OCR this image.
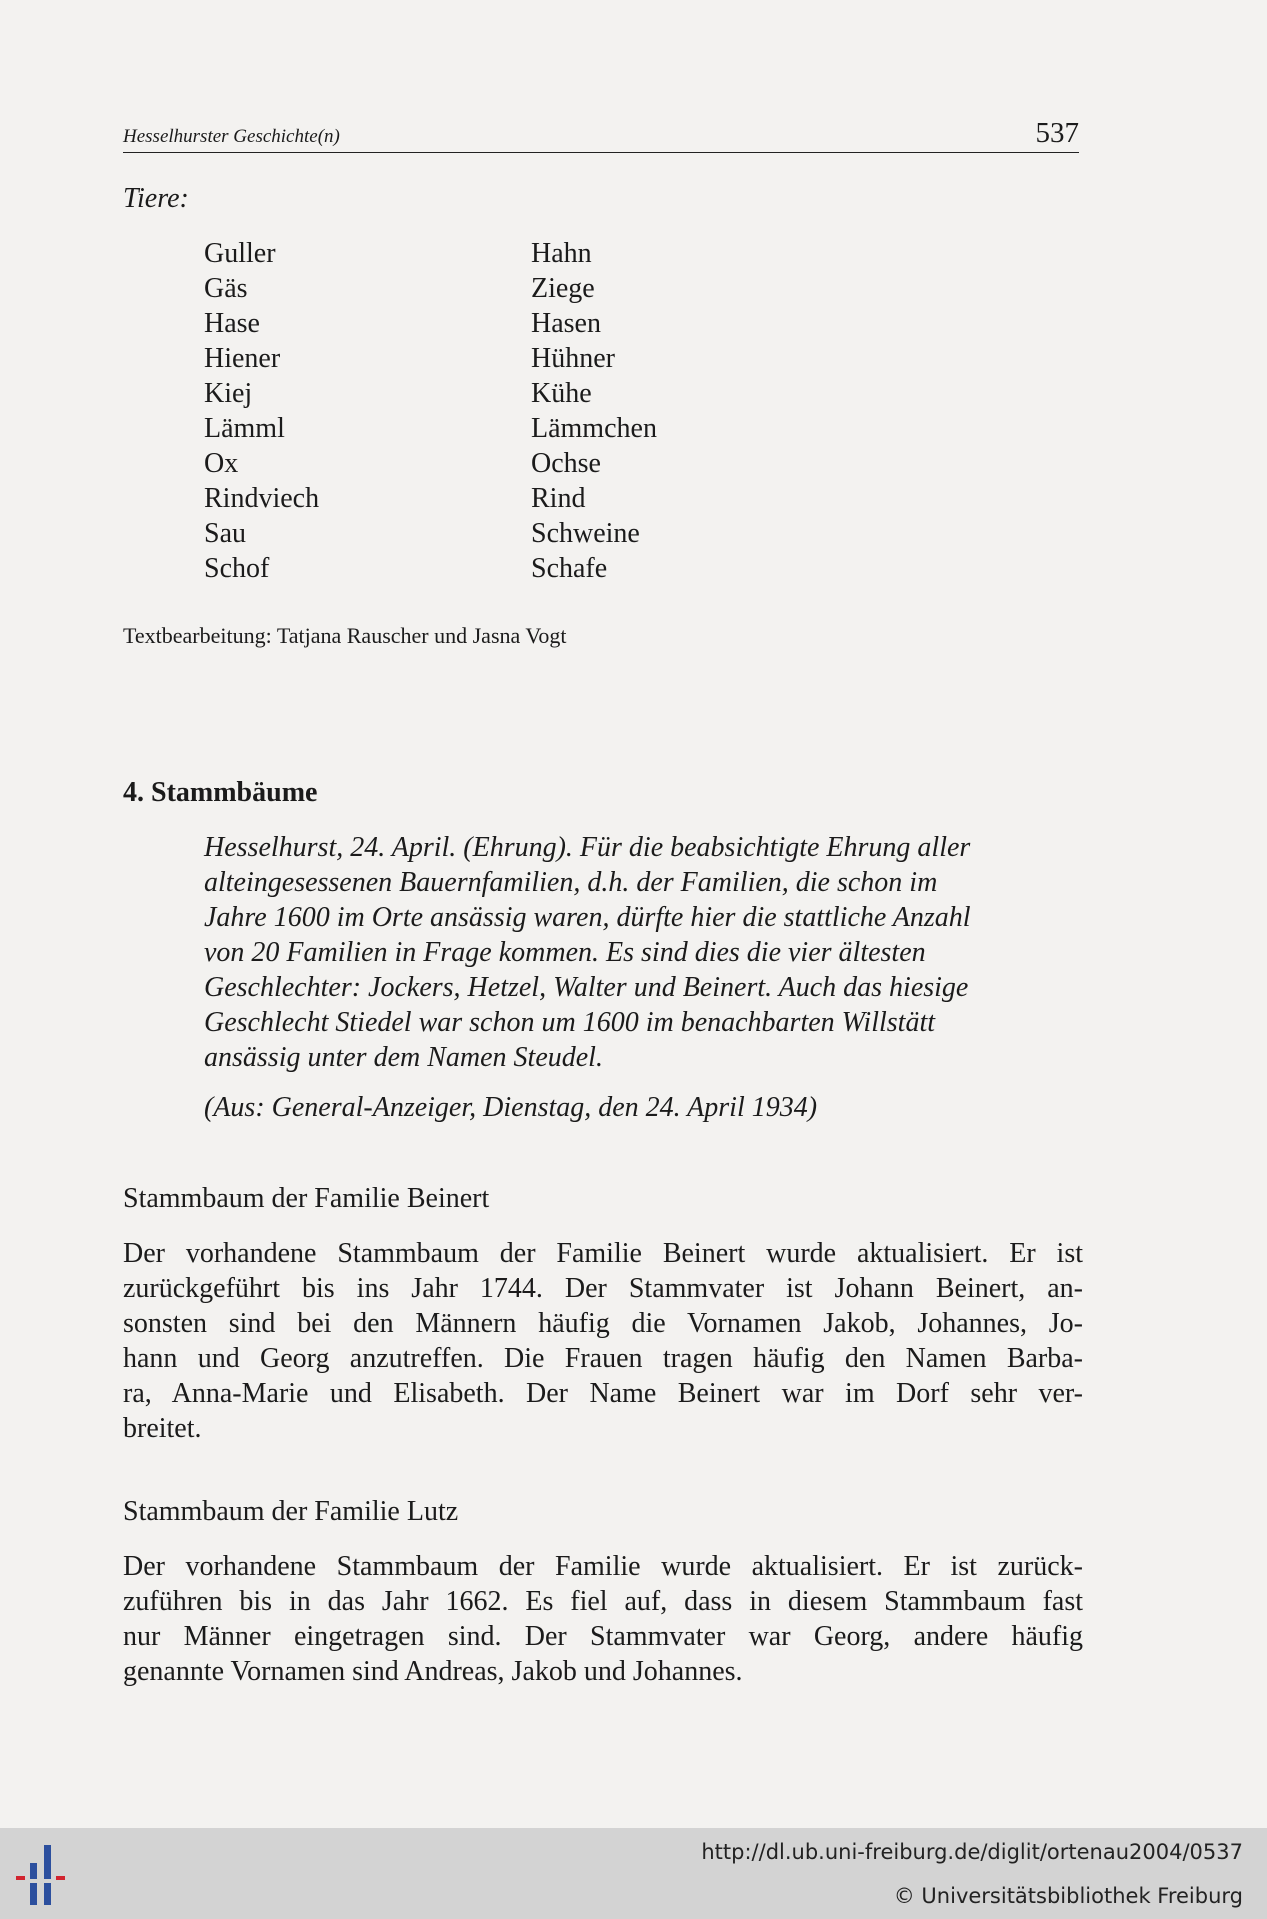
Hesselhurster Geschichte(n)	537
Tiere:
Guller
Gäs
Hase
Hiener
Kiej
Lämml
Ox
Rindviech
Sau
Schof
Hahn
Ziege
Hasen
Hühner
Kühe
Lämmchen
Ochse
Rind
Schweine
Schafe
Textbearbeitung: Tatjana Rauscher und Jasna Vogt
4. Stammbäume
Hesselhurst, 24. April. (Ehrung). Für die beabsichtigte Ehrung aller
alteingesessenen Bauernfamilien, d.h. der Familien, die schon im
Jahre 1600 im Orte ansässig waren, dürfte hier die stattliche Anzahl
von 20 Familien in Frage kommen. Es sind dies die vier ältesten
Geschlechter: Jockers, Hetzel, Walter und Beinert. Auch das hiesige
Geschlecht Stiedel war schon um 1600 im benachbarten Willstätt
ansässig unter dem Namen Steudel.
(Aus: General-Anzeiger, Dienstag, den 24. April 1934)
Stammbaum der Familie Beinert
Der vorhandene Stammbaum der Familie Beinert wurde aktualisiert. Er ist
zurückgeführt bis ins Jahr 1744. Der Stammvater ist Johann Beinert, an-
sonsten sind bei den Männern häufig die Vornamen Jakob, Johannes, Jo-
hann und Georg anzutreffen. Die Frauen tragen häufig den Namen Barba-
ra, Anna-Marie und Elisabeth. Der Name Beinert war im Dorf sehr ver-
breitet.
Stammbaum der Familie Lutz
Der vorhandene Stammbaum der Familie wurde aktualisiert. Er ist zurück-
zuführen bis in das Jahr 1662. Es fiel auf, dass in diesem Stammbaum fast
nur Männer eingetragen sind. Der Stammvater war Georg, andere häufig
genannte Vornamen sind Andreas, Jakob und Johannes.
http://dl.ub.uni-freiburg.de/diglit/ortenau2004/0537
© Universitätsbibliothek Freiburg
